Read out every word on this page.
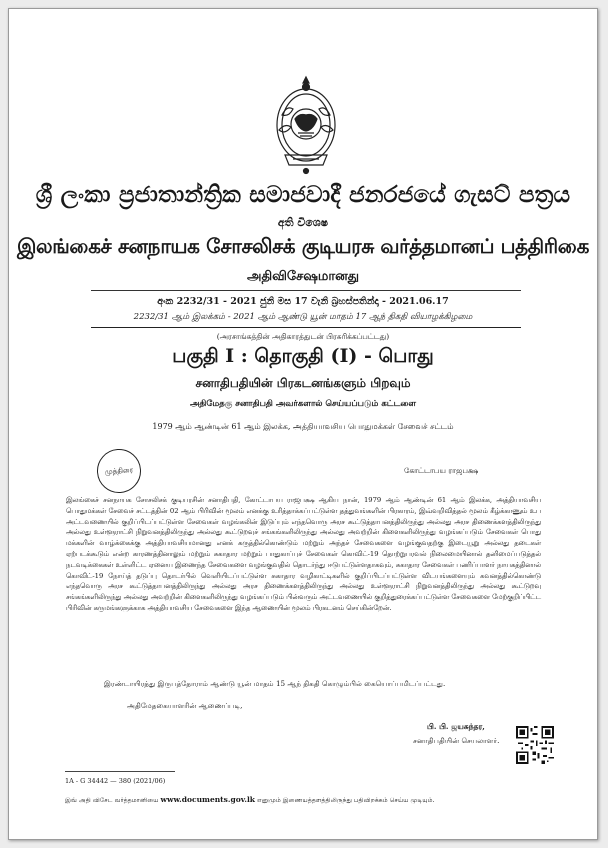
ශ්‍රී ලංකා ප්‍රජාතාන්ත්‍රික සමාජවාදී ජනරජයේ ගැසට් පත්‍රය
අති විශෙෂ
இலங்கைச் சனநாயக சோசலிசக் குடியரசு வர்த்தமானப் பத்திரிகை
அதிவிசேஷமானது
අංක 2232/31 - 2021 ජුනි මස 17 වැනි බ්‍රහස්පතින්දා - 2021.06.17
2232/31 ஆம் இலக்கம் - 2021 ஆம் ஆண்டு யூன் மாதம் 17 ஆந் திகதி வியாழக்கிழமை
(அரசாங்கத்தின் அதிகாரத்துடன் பிரசுரிக்கப்பட்டது)
பகுதி I : தொகுதி (I) - பொது
சனாதிபதியின் பிரகடனங்களும் பிறவும்
அதிமேதகு சனாதிபதி அவர்களால் செய்யப்படும் கட்டளை
1979 ஆம் ஆண்டின் 61 ஆம் இலக்க, அத்தியாவசிய பொதுமக்கள் சேவைச் சட்டம்
முத்திரை	கோட்டாபய ராஜபக்ஷ
இலங்கைச் சனநாயக சோசலிசக் குடியரசின் சனாதிபதி, கோட்டாபய ராஜபக்ஷ ஆகிய நான், 1979 ஆம் ஆண்டின் 61 ஆம் இலக்க, அத்தியாவசிய பொதுமக்கள் சேவைச் சட்டத்தின் 02 ஆம் பிரிவின் மூலம் எனக்கு உரித்தாக்கப்பட்டுள்ள தத்துவங்களின் பிரகாரம், இவ்வறிவித்தல் மூலம் கீழ்க்காணும் உப அட்டவணையில் குறிப்பிடப்பட்டுள்ள சேவைகள் வழங்கலின் இடுப்பும் எந்தவொரு அரச கூட்டுத்தாபனத்திலிருந்து அல்லது அரச திணைக்களத்திலிருந்து அல்லது உள்ளூராட்சி நிறுவனத்திலிருந்து அல்லது கூட்டுறவுச் சங்கங்களிலிருந்து அல்லது அவற்றின் கிளைகளிலிருந்து வழங்கப்படும் சேவைகள் பொது மக்களின் வாழ்க்கைக்கு அத்தியாவசியமானது எனக் கருத்தில்கொண்டும் மற்றும் அந்தச் சேவைகளை வழங்குவதற்கு இடையூறு அல்லது தடைகள் ஏற்படக்கூடும் என்ற காரணத்தினாலும் மற்றும் சுகாதார மற்றும் பாதுகாப்புச் சேவைகள் கொவிட்-19 தொற்றுபரவல் நிலைமையினால் தனிமைப்படுத்தல் நடவடிக்கைகள் உள்ளிட்ட ஏனைய இணைந்த சேவைகளை வழங்குவதில் தொடர்ந்து ஈடுபட்டுள்ளதாகவும், சுகாதார சேவைகள் பணிப்பாளர் நாயகத்தினால் கொவிட்-19 நோய்த் தடுப்பு தொடர்பில் வெளியிடப்பட்டுள்ள சுகாதார வழிகாட்டிகளில் குறிப்பிடப்பட்டுள்ள விடயங்களையும் கவனத்தில்கொண்டு எந்தவொரு அரச கூட்டுத்தாபனத்திலிருந்து அல்லது அரச திணைக்களத்திலிருந்து அல்லது உள்ளூராட்சி நிறுவனத்திலிருந்து அல்லது கூட்டுறவு சங்கங்களிலிருந்து அல்லது அவற்றின் கிளைகளிலிருந்து வழங்கப்படும் பின்வரும் அட்டவணையில் குறித்துரைக்கப்பட்டுள்ள சேவைகளை மேற்குறிப்பிட்ட பிரிவின் கருமங்களுக்காக அத்தியாவசிய சேவைகளை இந்த ஆணையின் மூலம் பிரகடனம் செய்கின்றேன்.
இரண்டாயிரத்து இருபத்தோராம் ஆண்டு யூன் மாதம் 15 ஆந் திகதி கொழும்பில் கையொப்பமிடப்பட்டது.
அதிமேதகையாளரின் ஆணைப்படி,
பி. பி. ஜயசுந்தர,
சனாதிபதியின் செயலாளர்.
1A - G 34442 — 380 (2021/06)
இவ் அதி விசேட வர்த்தமானியை www.documents.gov.lk எனுமும் இணையத்தளத்திலிருந்து பதிவிறக்கம் செய்ய முடியும்.
